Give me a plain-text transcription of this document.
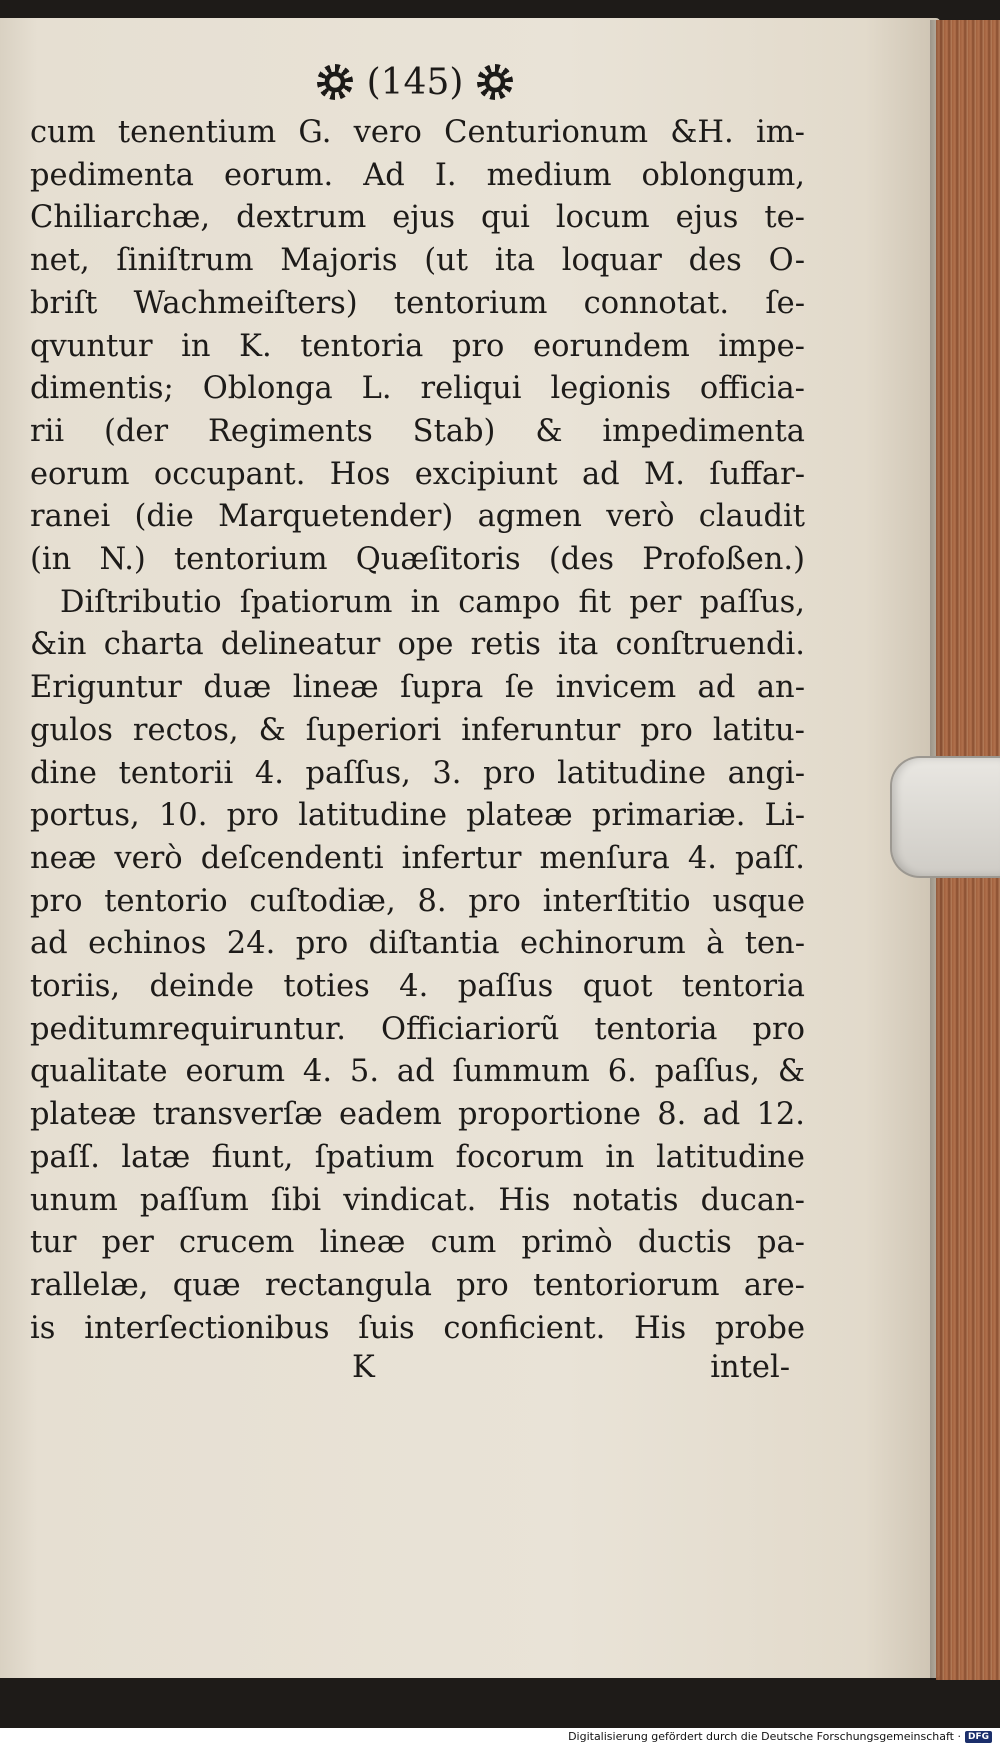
(145)
cum tenentium G. vero Centurionum &H. im-
pedimenta eorum. Ad I. medium oblongum,
Chiliarchæ, dextrum ejus qui locum ejus te-
net, ſiniſtrum Majoris (ut ita loquar des O-
briſt Wachmeiſters) tentorium connotat. ſe-
qvuntur in K. tentoria pro eorundem impe-
dimentis; Oblonga L. reliqui legionis officia-
rii (der Regiments Stab) & impedimenta
eorum occupant. Hos excipiunt ad M. ſuffar-
ranei (die Marquetender) agmen verò claudit
(in N.) tentorium Quæſitoris (des Profoßen.)
Diſtributio ſpatiorum in campo fit per paſſus,
&in charta delineatur ope retis ita conſtruendi.
Eriguntur duæ lineæ ſupra ſe invicem ad an-
gulos rectos, & ſuperiori inferuntur pro latitu-
dine tentorii 4. paſſus, 3. pro latitudine angi-
portus, 10. pro latitudine plateæ primariæ. Li-
neæ verò deſcendenti infertur menſura 4. paſſ.
pro tentorio cuſtodiæ, 8. pro interſtitio usque
ad echinos 24. pro diſtantia echinorum à ten-
toriis, deinde toties 4. paſſus quot tentoria
peditumrequiruntur. Officiariorũ tentoria pro
qualitate eorum 4. 5. ad ſummum 6. paſſus, &
plateæ transverſæ eadem proportione 8. ad 12.
paſſ. latæ fiunt, ſpatium focorum in latitudine
unum paſſum ſibi vindicat. His notatis ducan-
tur per crucem lineæ cum primò ductis pa-
rallelæ, quæ rectangula pro tentoriorum are-
is interſectionibus ſuis conficient. His probe
K	intel-
Digitalisierung gefördert durch die Deutsche Forschungsgemeinschaft · DFG
